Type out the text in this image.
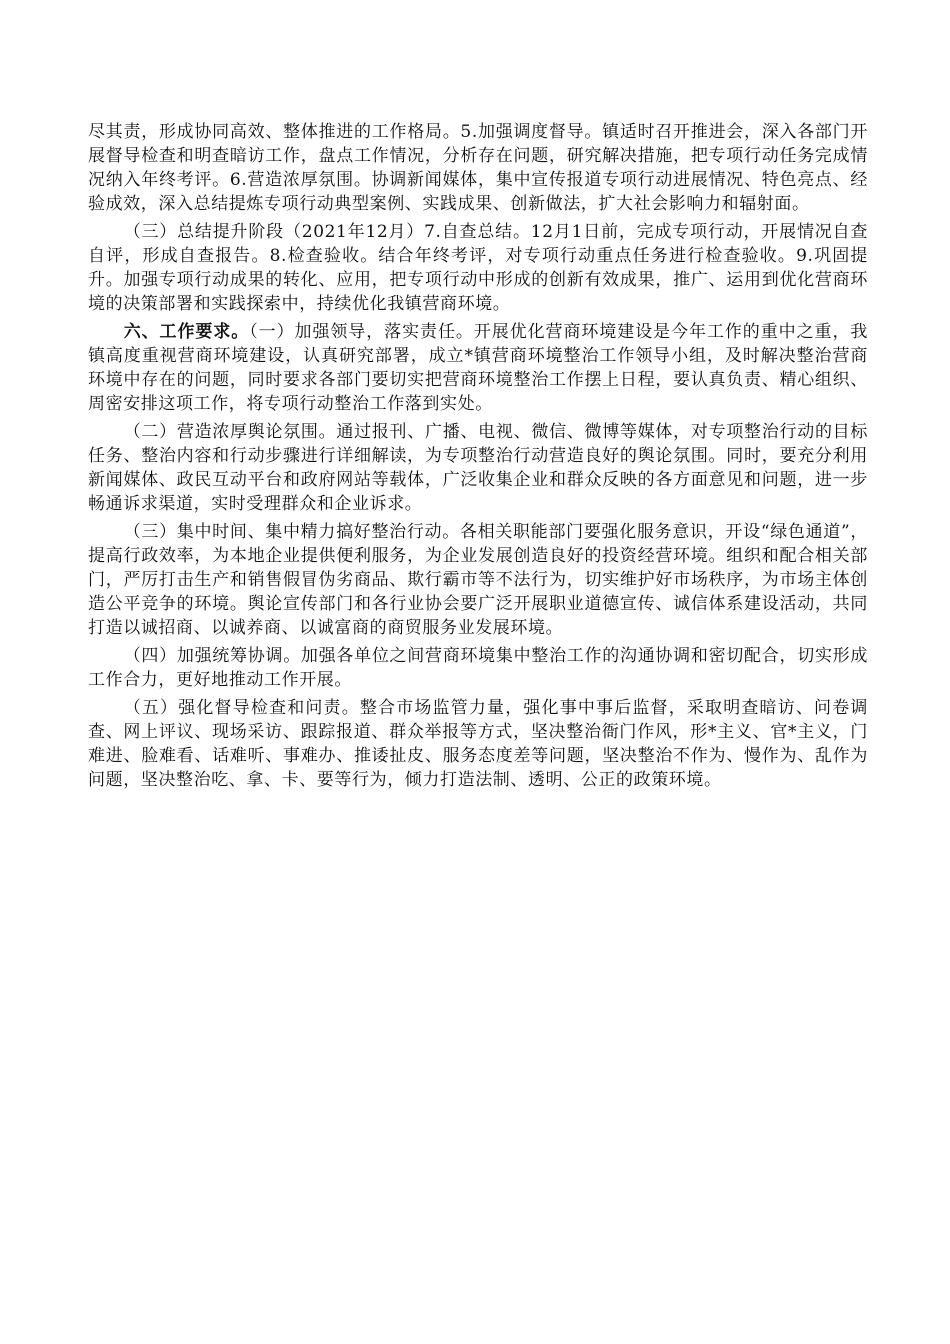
尽其责，形成协同高效、整体推进的工作格局。5.加强调度督导。镇适时召开推进会，深入各部门开展督导检查和明查暗访工作，盘点工作情况，分析存在问题，研究解决措施，把专项行动任务完成情况纳入年终考评。6.营造浓厚氛围。协调新闻媒体，集中宣传报道专项行动进展情况、特色亮点、经验成效，深入总结提炼专项行动典型案例、实践成果、创新做法，扩大社会影响力和辐射面。

（三）总结提升阶段（2021年12月）7.自查总结。12月1日前，完成专项行动，开展情况自查自评，形成自查报告。8.检查验收。结合年终考评，对专项行动重点任务进行检查验收。9.巩固提升。加强专项行动成果的转化、应用，把专项行动中形成的创新有效成果，推广、运用到优化营商环境的决策部署和实践探索中，持续优化我镇营商环境。

六、工作要求。（一）加强领导，落实责任。开展优化营商环境建设是今年工作的重中之重，我镇高度重视营商环境建设，认真研究部署，成立*镇营商环境整治工作领导小组，及时解决整治营商环境中存在的问题，同时要求各部门要切实把营商环境整治工作摆上日程，要认真负责、精心组织、周密安排这项工作，将专项行动整治工作落到实处。

（二）营造浓厚舆论氛围。通过报刊、广播、电视、微信、微博等媒体，对专项整治行动的目标任务、整治内容和行动步骤进行详细解读，为专项整治行动营造良好的舆论氛围。同时，要充分利用新闻媒体、政民互动平台和政府网站等载体，广泛收集企业和群众反映的各方面意见和问题，进一步畅通诉求渠道，实时受理群众和企业诉求。

（三）集中时间、集中精力搞好整治行动。各相关职能部门要强化服务意识，开设“绿色通道”，提高行政效率，为本地企业提供便利服务，为企业发展创造良好的投资经营环境。组织和配合相关部门，严厉打击生产和销售假冒伪劣商品、欺行霸市等不法行为，切实维护好市场秩序，为市场主体创造公平竞争的环境。舆论宣传部门和各行业协会要广泛开展职业道德宣传、诚信体系建设活动，共同打造以诚招商、以诚养商、以诚富商的商贸服务业发展环境。

（四）加强统筹协调。加强各单位之间营商环境集中整治工作的沟通协调和密切配合，切实形成工作合力，更好地推动工作开展。

（五）强化督导检查和问责。整合市场监管力量，强化事中事后监督，采取明查暗访、问卷调查、网上评议、现场采访、跟踪报道、群众举报等方式，坚决整治衙门作风，形*主义、官*主义，门难进、脸难看、话难听、事难办、推诿扯皮、服务态度差等问题，坚决整治不作为、慢作为、乱作为问题，坚决整治吃、拿、卡、要等行为，倾力打造法制、透明、公正的政策环境。
